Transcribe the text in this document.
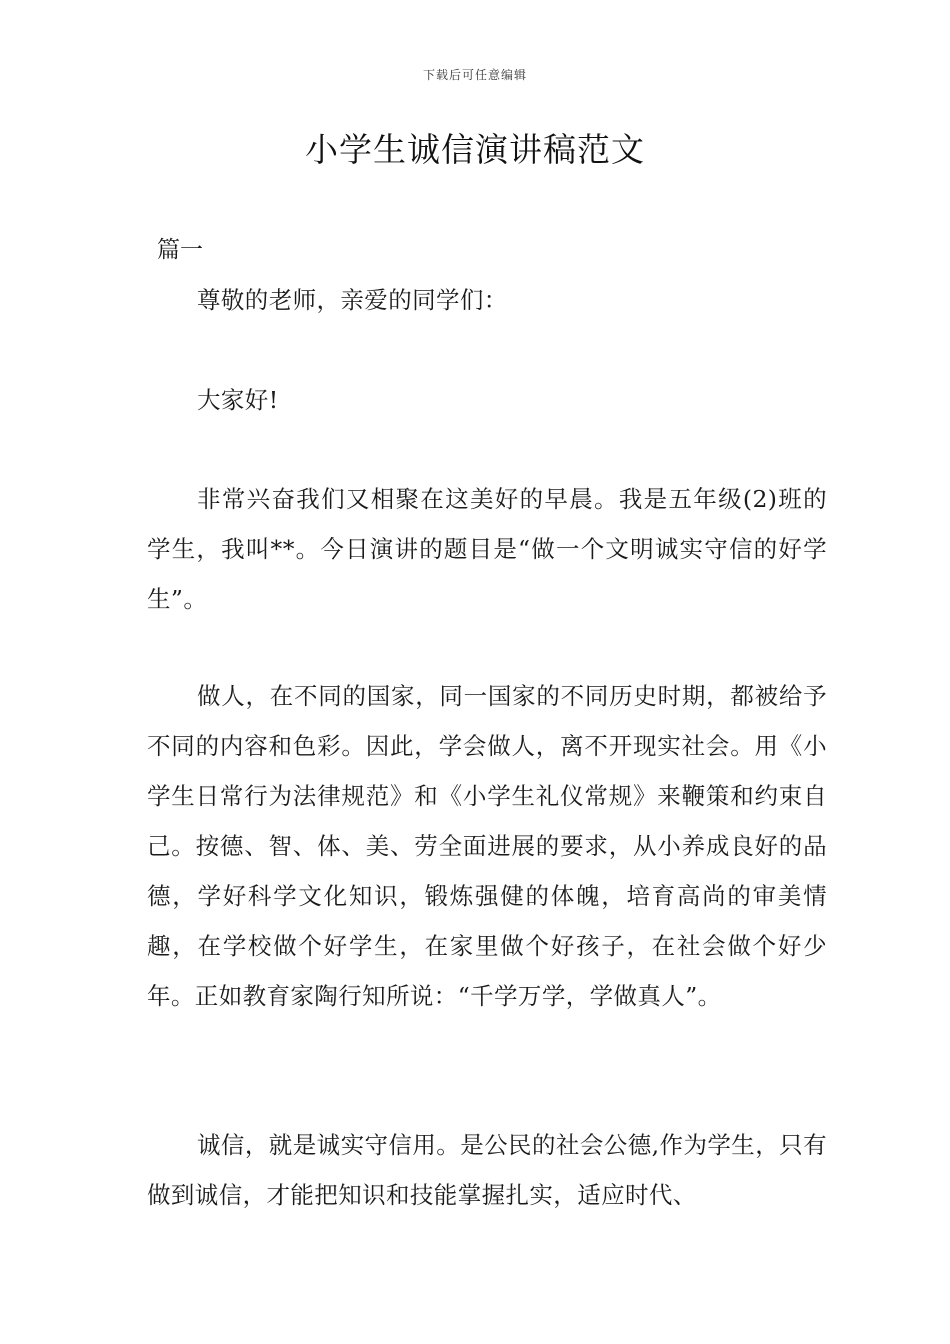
下载后可任意编辑
小学生诚信演讲稿范文
篇一

尊敬的老师，亲爱的同学们：

大家好!

非常兴奋我们又相聚在这美好的早晨。我是五年级(2)班的学生，我叫**。今日演讲的题目是“做一个文明诚实守信的好学生”。

做人，在不同的国家，同一国家的不同历史时期，都被给予不同的内容和色彩。因此，学会做人，离不开现实社会。用《小学生日常行为法律规范》和《小学生礼仪常规》来鞭策和约束自己。按德、智、体、美、劳全面进展的要求，从小养成良好的品德，学好科学文化知识，锻炼强健的体魄，培育高尚的审美情趣，在学校做个好学生，在家里做个好孩子，在社会做个好少年。正如教育家陶行知所说：“千学万学，学做真人”。

诚信，就是诚实守信用。是公民的社会公德,作为学生，只有做到诚信，才能把知识和技能掌握扎实，适应时代、
